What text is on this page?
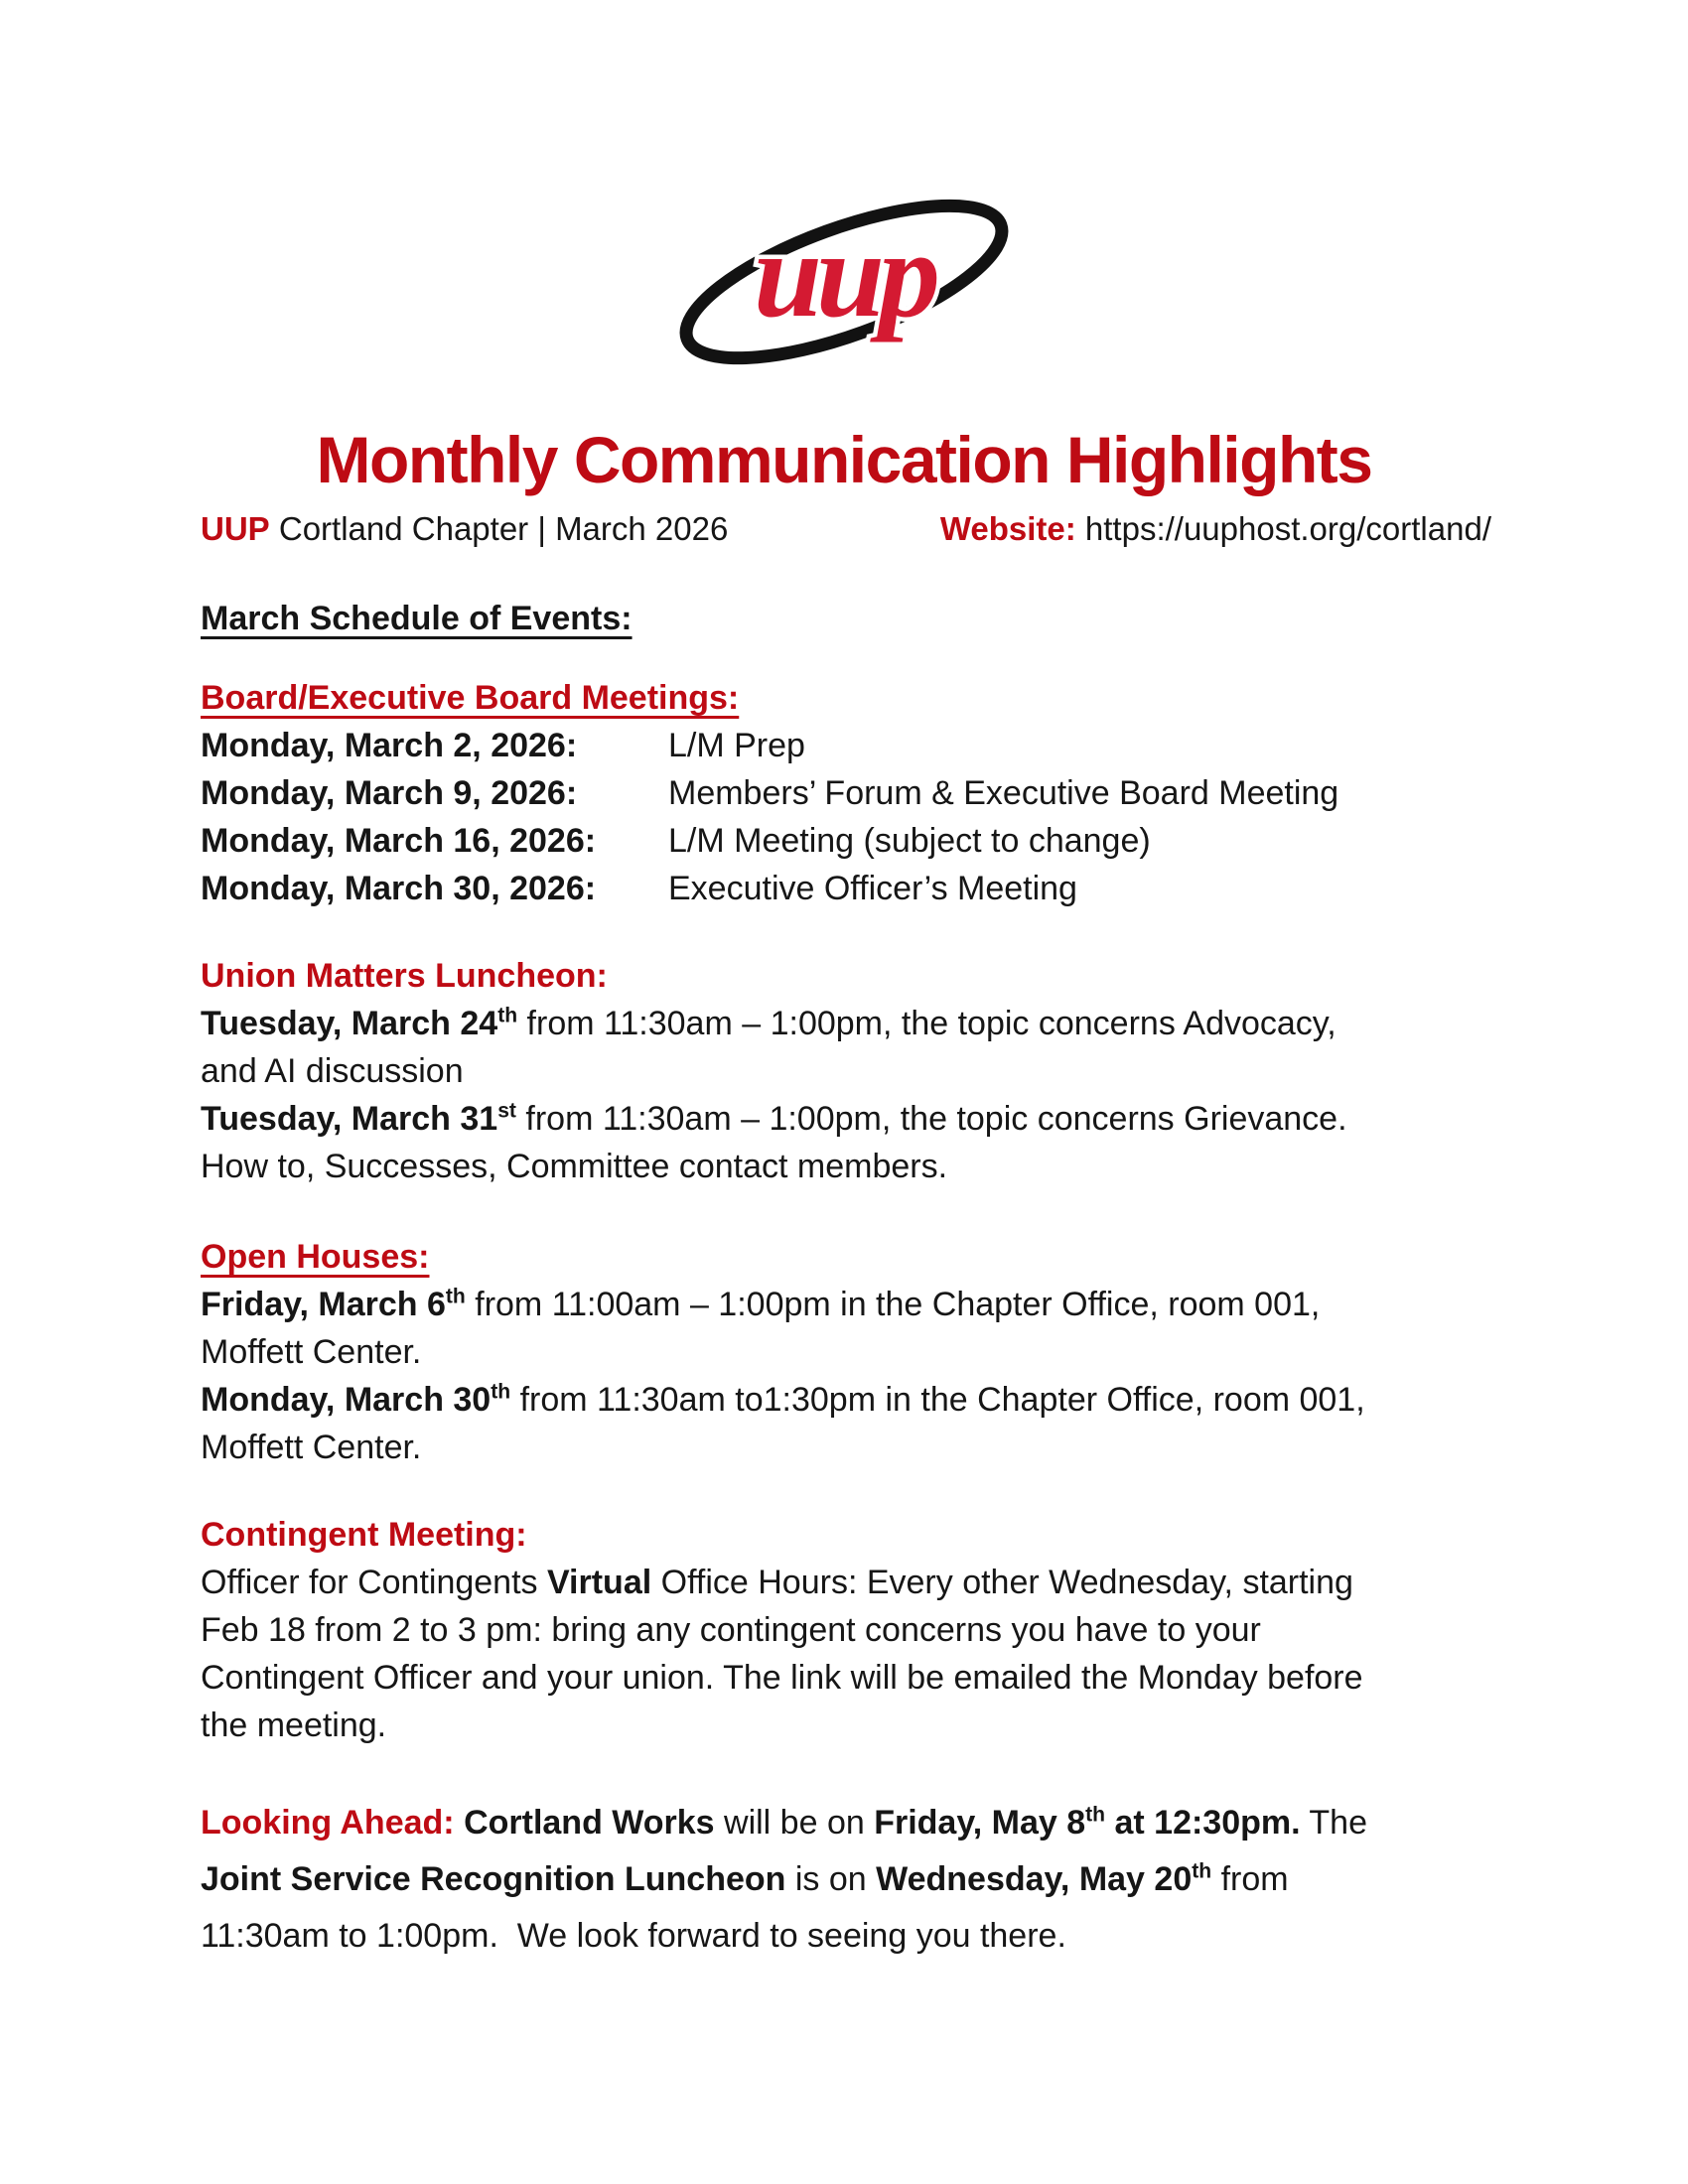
uup
Monthly Communication Highlights
UUP Cortland Chapter | March 2026	Website: https://uuphost.org/cortland/
March Schedule of Events:
Board/Executive Board Meetings:
Monday, March 2, 2026:	L/M Prep
Monday, March 9, 2026:	Members’ Forum & Executive Board Meeting
Monday, March 16, 2026:	L/M Meeting (subject to change)
Monday, March 30, 2026:	Executive Officer’s Meeting
Union Matters Luncheon:
Tuesday, March 24th from 11:30am – 1:00pm, the topic concerns Advocacy,
and AI discussion
Tuesday, March 31st from 11:30am – 1:00pm, the topic concerns Grievance.
How to, Successes, Committee contact members.
Open Houses:
Friday, March 6th from 11:00am – 1:00pm in the Chapter Office, room 001,
Moffett Center.
Monday, March 30th from 11:30am to1:30pm in the Chapter Office, room 001,
Moffett Center.
Contingent Meeting:
Officer for Contingents Virtual Office Hours: Every other Wednesday, starting
Feb 18 from 2 to 3 pm: bring any contingent concerns you have to your
Contingent Officer and your union. The link will be emailed the Monday before
the meeting.
Looking Ahead: Cortland Works will be on Friday, May 8th at 12:30pm. The
Joint Service Recognition Luncheon is on Wednesday, May 20th from
11:30am to 1:00pm.  We look forward to seeing you there.
